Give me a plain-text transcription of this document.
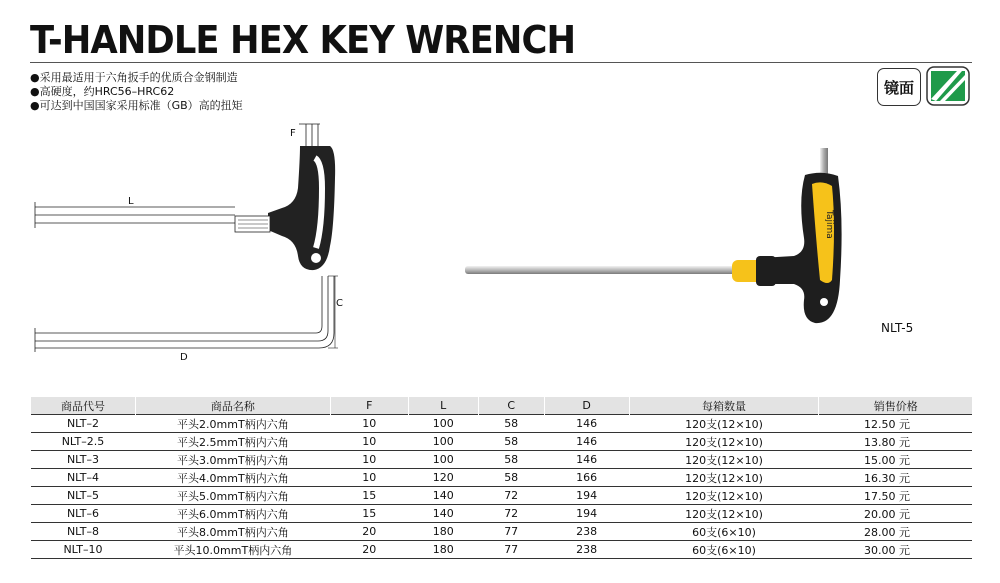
T-HANDLE HEX KEY WRENCH
●采用最适用于六角扳手的优质合金钢制造
●高硬度，约HRC56–HRC62
●可达到中国国家采用标准（GB）高的扭矩
镜面
F
L
C
D
Tajima
NLT-5
商品代号	商品名称	F	L	C	D	每箱数量	销售价格
NLT–2	平头2.0mmT柄内六角	10	100	58	146	120支(12×10)	12.50 元
NLT–2.5	平头2.5mmT柄内六角	10	100	58	146	120支(12×10)	13.80 元
NLT–3	平头3.0mmT柄内六角	10	100	58	146	120支(12×10)	15.00 元
NLT–4	平头4.0mmT柄内六角	10	120	58	166	120支(12×10)	16.30 元
NLT–5	平头5.0mmT柄内六角	15	140	72	194	120支(12×10)	17.50 元
NLT–6	平头6.0mmT柄内六角	15	140	72	194	120支(12×10)	20.00 元
NLT–8	平头8.0mmT柄内六角	20	180	77	238	60支(6×10)	28.00 元
NLT–10	平头10.0mmT柄内六角	20	180	77	238	60支(6×10)	30.00 元
